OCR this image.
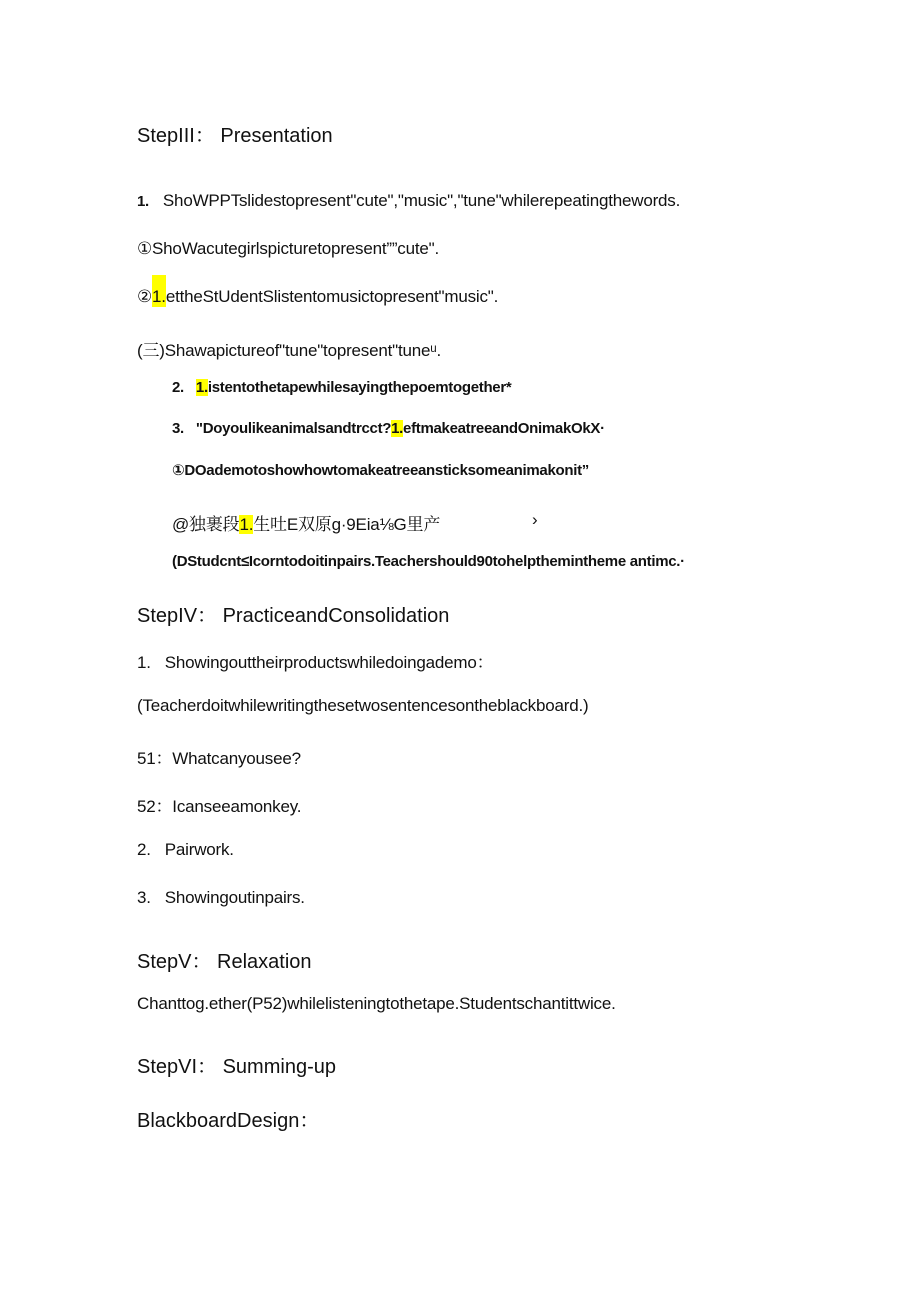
StepIII： Presentation
1. ShoWPPTslidestopresent"cute","music","tune"whilerepeatingthewords.
①ShoWacutegirlspicturetopresent””cute".
②1.ettheStUdentSlistentomusictopresent"music".
(三)Shawapictureof"tune"topresent"tuneᵘ.
2. 1.istentothetapewhilesayingthepoemtogether*
3. "Doyoulikeanimalsandtrcct?1.eftmakeatreeandOnimakOkX·
①DOademotoshowhowtomakeatreeansticksomeanimakonit”
@独裹段1.生吐E双原g·9Eia⅛G里产	›
(DStudcnt≤Icorntodoitinpairs.Teachershould90tohelpthemintheme antimc.·
StepIV： PracticeandConsolidation
1. Showingouttheirproductswhiledoingademo：
(Teacherdoitwhilewritingthesetwosentencesontheblackboard.)
51：Whatcanyousee?
52：Icanseeamonkey.
2. Pairwork.
3. Showingoutinpairs.
StepV： Relaxation
Chanttog.ether(P52)whilelisteningtothetape.Studentschantittwice.
StepVI： Summing-up
BlackboardDesign：
